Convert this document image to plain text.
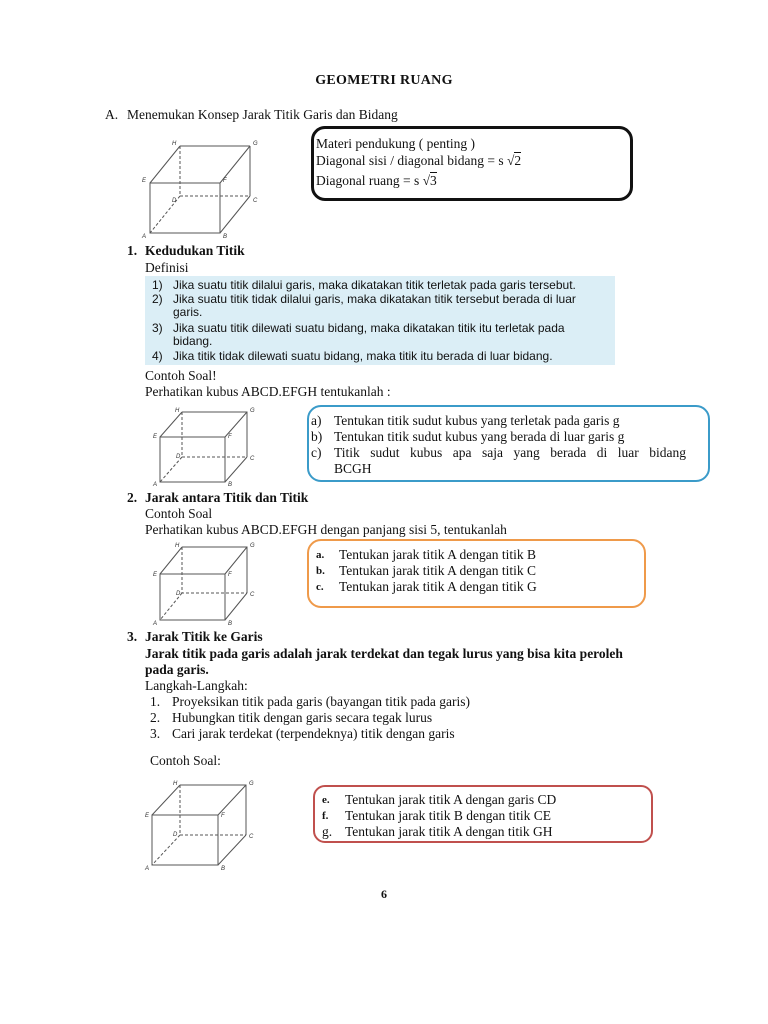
GEOMETRI RUANG
A. Menemukan Konsep Jarak Titik Garis dan Bidang
H	G
E	F
D	C
A	B
Materi pendukung ( penting )
Diagonal sisi / diagonal bidang = s √2
Diagonal ruang = s √3
1. Kedudukan Titik
Definisi
1) Jika suatu titik dilalui garis, maka dikatakan titik terletak pada garis tersebut.
2) Jika suatu titik tidak dilalui garis, maka dikatakan titik tersebut berada di luar
garis.
3) Jika suatu titik dilewati suatu bidang, maka dikatakan titik itu terletak pada
bidang.
4) Jika titik tidak dilewati suatu bidang, maka titik itu berada di luar bidang.
Contoh Soal!
Perhatikan kubus ABCD.EFGH tentukanlah :
H	G
E	F
D	C
A	B
a) Tentukan titik sudut kubus yang terletak pada garis g
b) Tentukan titik sudut kubus yang berada di luar garis g
c) Titik sudut kubus apa saja yang berada di luar bidang
BCGH
2. Jarak antara Titik dan Titik
Contoh Soal
Perhatikan kubus ABCD.EFGH dengan panjang sisi 5, tentukanlah
H	G
E	F
D	C
A	B
a. Tentukan jarak titik A dengan titik B
b. Tentukan jarak titik A dengan titik C
c. Tentukan jarak titik A dengan titik G
3. Jarak Titik ke Garis
Jarak titik pada garis adalah jarak terdekat dan tegak lurus yang bisa kita peroleh
pada garis.
Langkah-Langkah:
1. Proyeksikan titik pada garis (bayangan titik pada garis)
2. Hubungkan titik dengan garis secara tegak lurus
3. Cari jarak terdekat (terpendeknya) titik dengan garis
Contoh Soal:
H	G
E	F
D	C
A	B
e. Tentukan jarak titik A dengan garis CD
f. Tentukan jarak titik B dengan titik CE
g. Tentukan jarak titik A dengan titik GH
6
